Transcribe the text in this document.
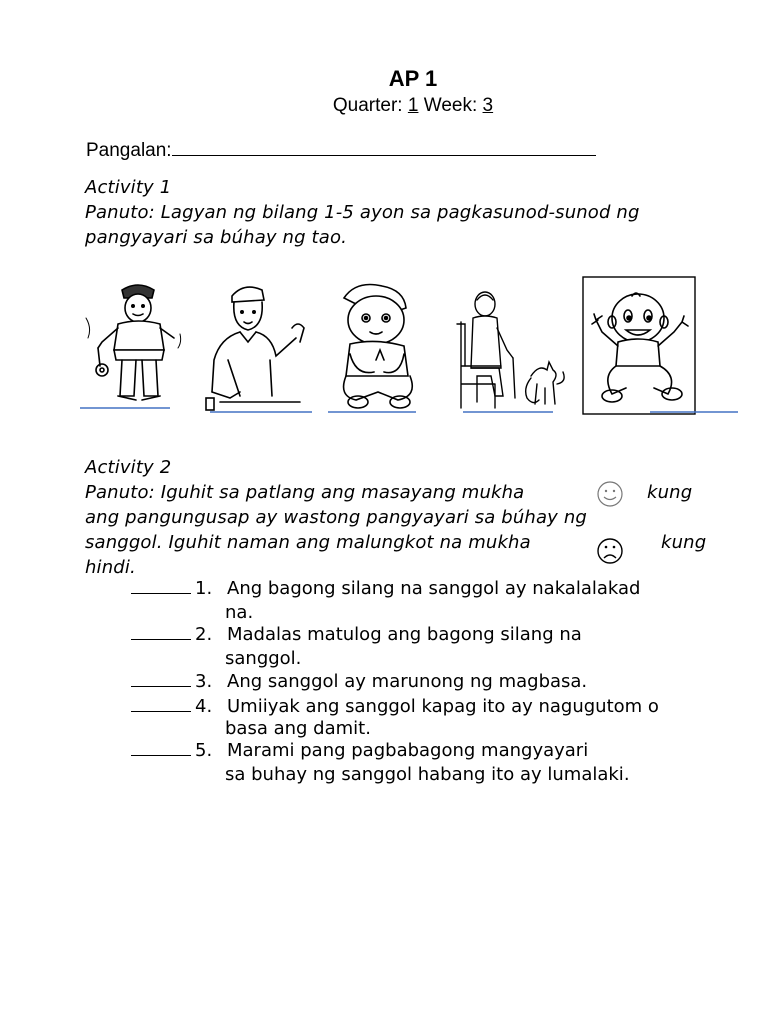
AP 1
Quarter: 1 Week: 3
Pangalan:
Activity 1
Panuto: Lagyan ng bilang 1-5 ayon sa pagkasunod-sunod ng
pangyayari sa búhay ng tao.
Activity 2
Panuto: Iguhit sa patlang ang masayang mukha	kung
ang pangungusap ay wastong pangyayari sa búhay ng
sanggol. Iguhit naman ang malungkot na mukha	kung
hindi.
1. Ang bagong silang na sanggol ay nakalalakad
na.
2. Madalas matulog ang bagong silang na
sanggol.
3. Ang sanggol ay marunong ng magbasa.
4. Umiiyak ang sanggol kapag ito ay nagugutom o
basa ang damit.
5. Marami pang pagbabagong mangyayari
sa buhay ng sanggol habang ito ay lumalaki.
